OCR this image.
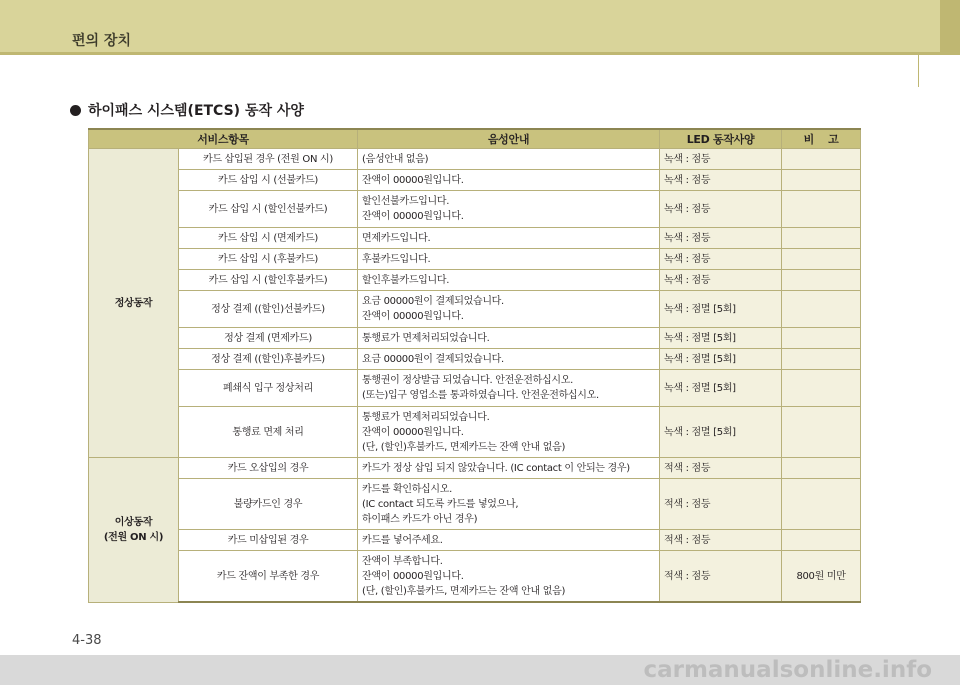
편의 장치
하이패스 시스템(ETCS) 동작 사양
서비스항목		음성안내	LED 동작사양	비    고

정상동작	카드 삽입된 경우 (전원 ON 시)	(음성안내 없음)	녹색 : 점등	
	카드 삽입 시 (선불카드)	잔액이 00000원입니다.	녹색 : 점등	
	카드 삽입 시 (할인선불카드)	할인선불카드입니다.
잔액이 00000원입니다.	녹색 : 점등	
	카드 삽입 시 (면제카드)	면제카드입니다.	녹색 : 점등	
	카드 삽입 시 (후불카드)	후불카드입니다.	녹색 : 점등	
	카드 삽입 시 (할인후불카드)	할인후불카드입니다.	녹색 : 점등	
	정상 결제 ((할인)선불카드)	요금 00000원이 결제되었습니다.
잔액이 00000원입니다.	녹색 : 점멸 [5회]	
	정상 결제 (면제카드)	통행료가 면제처리되었습니다.	녹색 : 점멸 [5회]	
	정상 결제 ((할인)후불카드)	요금 00000원이 결제되었습니다.	녹색 : 점멸 [5회]	
	폐쇄식 입구 정상처리	통행권이 정상발급 되었습니다. 안전운전하십시오.
(또는)입구 영업소를 통과하였습니다. 안전운전하십시오.	녹색 : 점멸 [5회]	
	통행료 면제 처리	통행료가 면제처리되었습니다.
잔액이 00000원입니다.
(단, (할인)후불카드, 면제카드는 잔액 안내 없음)	녹색 : 점멸 [5회]	

이상동작
(전원 ON 시)	카드 오삽입의 경우	카드가 정상 삽입 되지 않았습니다. (IC contact 이 안되는 경우)	적색 : 점등	
	불량카드인 경우	카드를 확인하십시오.
(IC contact 되도록 카드를 넣었으나,
하이패스 카드가 아닌 경우)	적색 : 점등	
	카드 미삽입된 경우	카드를 넣어주세요.	적색 : 점등	
	카드 잔액이 부족한 경우	잔액이 부족합니다.
잔액이 00000원입니다.
(단, (할인)후불카드, 면제카드는 잔액 안내 없음)	적색 : 점등	800원 미만
4-38
carmanualsonline.info
